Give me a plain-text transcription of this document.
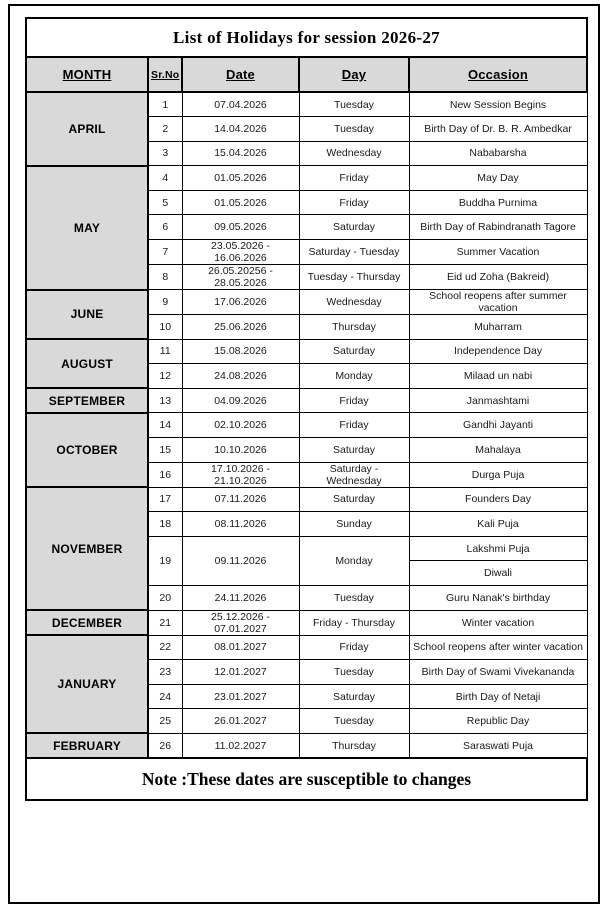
List of Holidays for session 2026-27				
MONTH	Sr.No	Date	Day	Occasion
APRIL	1	07.04.2026	Tuesday	New Session Begins
	2	14.04.2026	Tuesday	Birth Day of Dr. B. R. Ambedkar
	3	15.04.2026	Wednesday	Nababarsha
MAY	4	01.05.2026	Friday	May Day
	5	01.05.2026	Friday	Buddha Purnima
	6	09.05.2026	Saturday	Birth Day of Rabindranath Tagore
	7	23.05.2026 - 16.06.2026	Saturday - Tuesday	Summer Vacation
	8	26.05.20256 - 28.05.2026	Tuesday - Thursday	Eid ud Zoha (Bakreid)
JUNE	9	17.06.2026	Wednesday	School reopens after summer vacation
	10	25.06.2026	Thursday	Muharram
AUGUST	11	15.08.2026	Saturday	Independence Day
	12	24.08.2026	Monday	Milaad un nabi
SEPTEMBER	13	04.09.2026	Friday	Janmashtami
OCTOBER	14	02.10.2026	Friday	Gandhi Jayanti
	15	10.10.2026	Saturday	Mahalaya
	16	17.10.2026 - 21.10.2026	Saturday - Wednesday	Durga Puja
NOVEMBER	17	07.11.2026	Saturday	Founders Day
	18	08.11.2026	Sunday	Kali Puja
	19	09.11.2026	Monday	Lakshmi Puja
				Diwali
	20	24.11.2026	Tuesday	Guru Nanak's birthday
DECEMBER	21	25.12.2026 - 07.01.2027	Friday - Thursday	Winter vacation
JANUARY	22	08.01.2027	Friday	School reopens after winter vacation
	23	12.01.2027	Tuesday	Birth Day of Swami Vivekananda
	24	23.01.2027	Saturday	Birth Day of Netaji
	25	26.01.2027	Tuesday	Republic Day
FEBRUARY	26	11.02.2027	Thursday	Saraswati Puja
Note :These dates are susceptible to changes				
